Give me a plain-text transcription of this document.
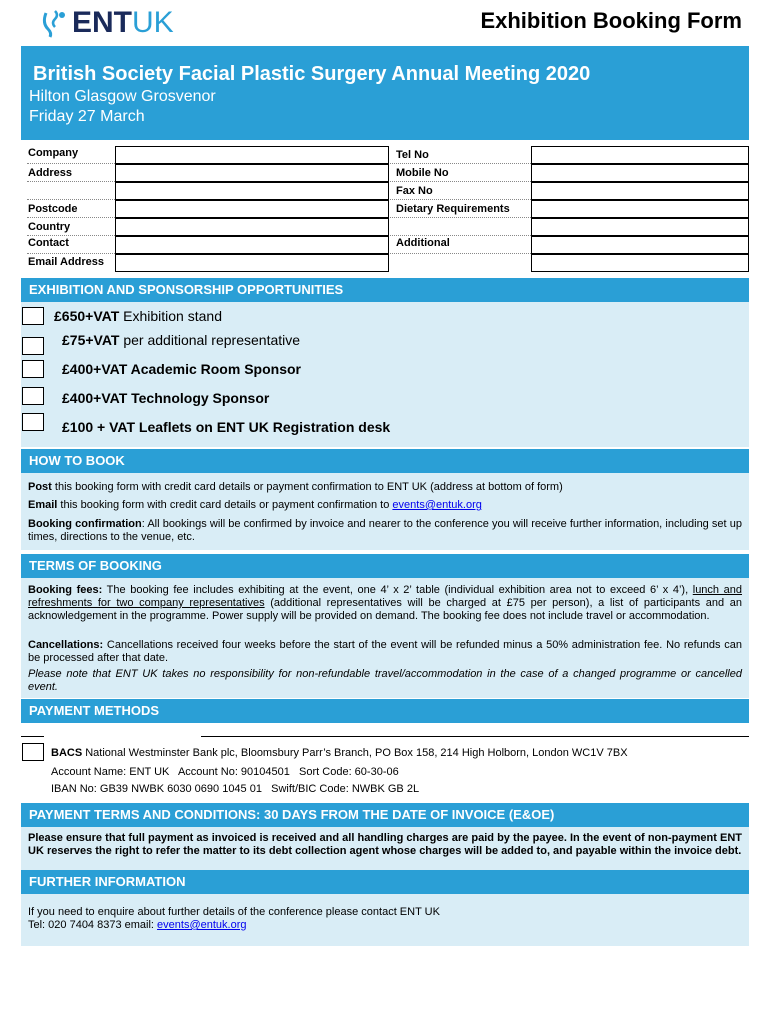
ENT UK	Exhibition Booking Form
British Society Facial Plastic Surgery Annual Meeting 2020
Hilton Glasgow Grosvenor
Friday 27 March
Company
Address
Postcode
Country
Contact
Email Address
Tel No
Mobile No
Fax No
Dietary Requirements
Additional
EXHIBITION AND SPONSORSHIP OPPORTUNITIES
£650+VAT Exhibition stand
£75+VAT per additional representative
£400+VAT Academic Room Sponsor
£400+VAT Technology Sponsor
£100 + VAT Leaflets on ENT UK Registration desk
HOW TO BOOK
Post this booking form with credit card details or payment confirmation to ENT UK (address at bottom of form)
Email this booking form with credit card details or payment confirmation to events@entuk.org
Booking confirmation: All bookings will be confirmed by invoice and nearer to the conference you will receive further information, including set up times, directions to the venue, etc.
TERMS OF BOOKING
Booking fees: The booking fee includes exhibiting at the event, one 4’ x 2’ table (individual exhibition area not to exceed 6’ x 4’), lunch and refreshments for two company representatives (additional representatives will be charged at £75 per person), a list of participants and an acknowledgement in the programme. Power supply will be provided on demand. The booking fee does not include travel or accommodation.
Cancellations: Cancellations received four weeks before the start of the event will be refunded minus a 50% administration fee. No refunds can be processed after that date.
Please note that ENT UK takes no responsibility for non-refundable travel/accommodation in the case of a changed programme or cancelled event.
PAYMENT METHODS
BACS National Westminster Bank plc, Bloomsbury Parr’s Branch, PO Box 158, 214 High Holborn, London WC1V 7BX
Account Name: ENT UK   Account No: 90104501   Sort Code: 60-30-06
IBAN No: GB39 NWBK 6030 0690 1045 01   Swift/BIC Code: NWBK GB 2L
PAYMENT TERMS AND CONDITIONS: 30 DAYS FROM THE DATE OF INVOICE (E&OE)
Please ensure that full payment as invoiced is received and all handling charges are paid by the payee. In the event of non-payment ENT UK reserves the right to refer the matter to its debt collection agent whose charges will be added to, and payable within the invoice debt.
FURTHER INFORMATION
If you need to enquire about further details of the conference please contact ENT UK
Tel: 020 7404 8373 email: events@entuk.org
